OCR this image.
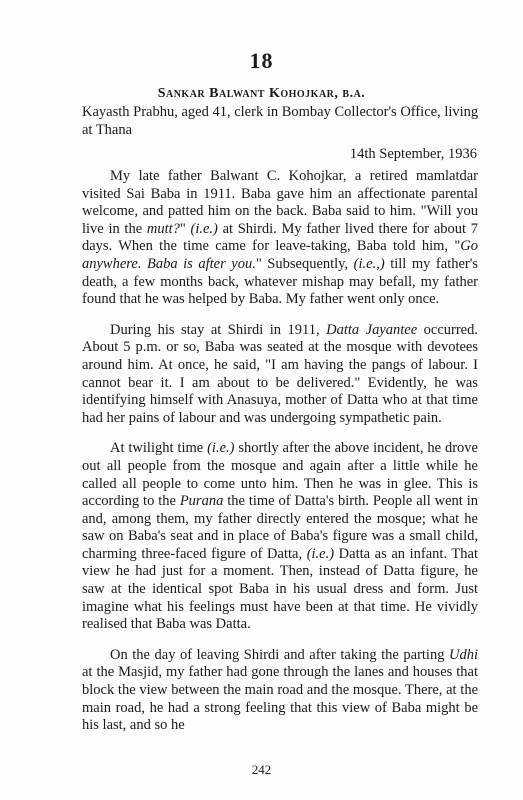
18
Sankar Balwant Kohojkar, b.a.
Kayasth Prabhu, aged 41, clerk in Bombay Collector's Office, living at Thana
14th September, 1936

My late father Balwant C. Kohojkar, a retired mamlatdar visited Sai Baba in 1911. Baba gave him an affectionate parental welcome, and patted him on the back. Baba said to him. "Will you live in the mutt?" (i.e.) at Shirdi. My father lived there for about 7 days. When the time came for leave-taking, Baba told him, "Go anywhere. Baba is after you." Subsequently, (i.e.,) till my father's death, a few months back, whatever mishap may befall, my father found that he was helped by Baba. My father went only once.

During his stay at Shirdi in 1911, Datta Jayantee occurred. About 5 p.m. or so, Baba was seated at the mosque with devotees around him. At once, he said, "I am having the pangs of labour. I cannot bear it. I am about to be delivered." Evidently, he was identifying himself with Anasuya, mother of Datta who at that time had her pains of labour and was undergoing sympathetic pain.

At twilight time (i.e.) shortly after the above incident, he drove out all people from the mosque and again after a little while he called all people to come unto him. Then he was in glee. This is according to the Purana the time of Datta's birth. People all went in and, among them, my father directly entered the mosque; what he saw on Baba's seat and in place of Baba's figure was a small child, charming three-faced figure of Datta, (i.e.) Datta as an infant. That view he had just for a moment. Then, instead of Datta figure, he saw at the identical spot Baba in his usual dress and form. Just imagine what his feelings must have been at that time. He vividly realised that Baba was Datta.

On the day of leaving Shirdi and after taking the parting Udhi at the Masjid, my father had gone through the lanes and houses that block the view between the main road and the mosque. There, at the main road, he had a strong feeling that this view of Baba might be his last, and so he

242
